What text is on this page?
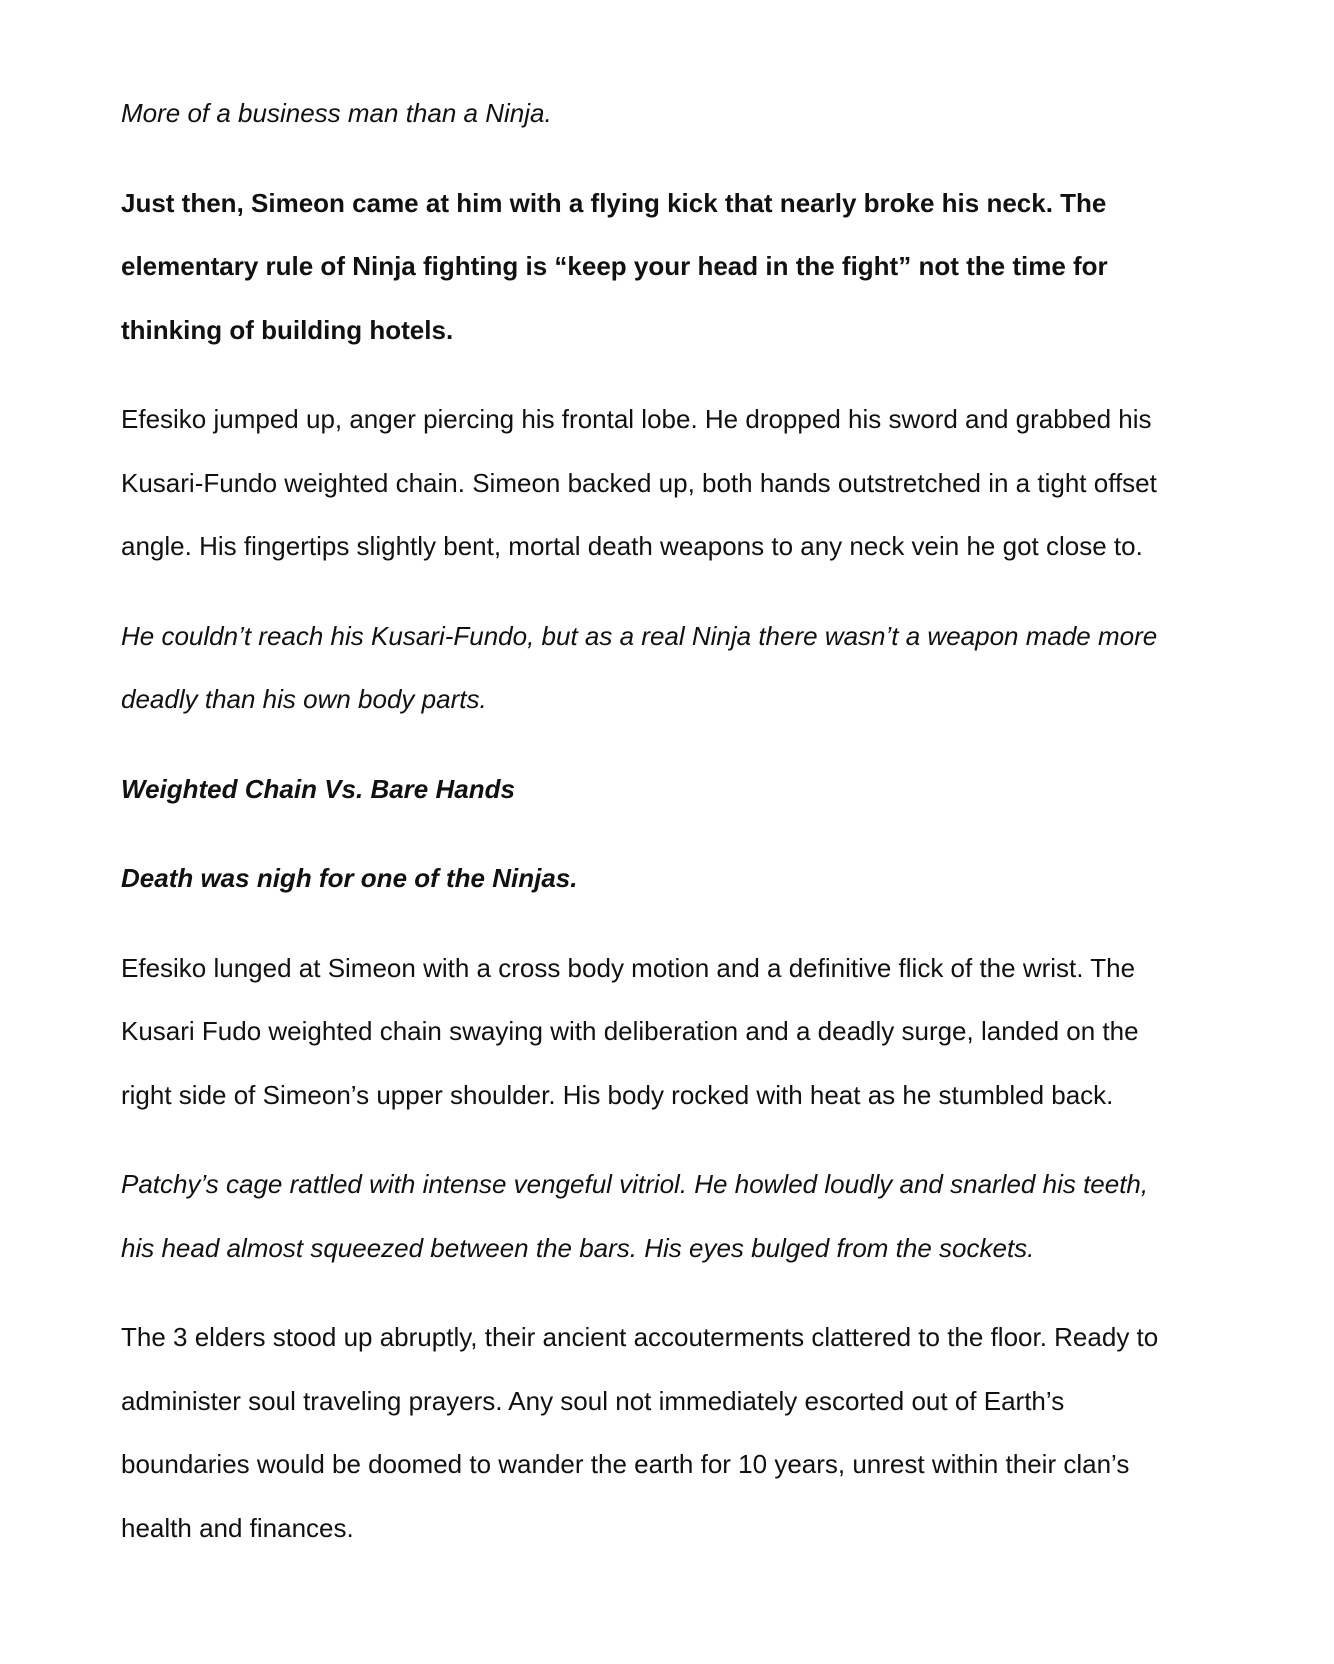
More of a business man than a Ninja.

Just then, Simeon came at him with a flying kick that nearly broke his neck. The
elementary rule of Ninja fighting is “keep your head in the fight” not the time for
thinking of building hotels.

Efesiko jumped up, anger piercing his frontal lobe. He dropped his sword and grabbed his
Kusari-Fundo weighted chain. Simeon backed up, both hands outstretched in a tight offset
angle. His fingertips slightly bent, mortal death weapons to any neck vein he got close to.

He couldn’t reach his Kusari-Fundo, but as a real Ninja there wasn’t a weapon made more
deadly than his own body parts.

Weighted Chain Vs. Bare Hands

Death was nigh for one of the Ninjas.

Efesiko lunged at Simeon with a cross body motion and a definitive flick of the wrist. The
Kusari Fudo weighted chain swaying with deliberation and a deadly surge, landed on the
right side of Simeon’s upper shoulder. His body rocked with heat as he stumbled back.

Patchy’s cage rattled with intense vengeful vitriol. He howled loudly and snarled his teeth,
his head almost squeezed between the bars. His eyes bulged from the sockets.

The 3 elders stood up abruptly, their ancient accouterments clattered to the floor. Ready to
administer soul traveling prayers. Any soul not immediately escorted out of Earth’s
boundaries would be doomed to wander the earth for 10 years, unrest within their clan’s
health and finances.
